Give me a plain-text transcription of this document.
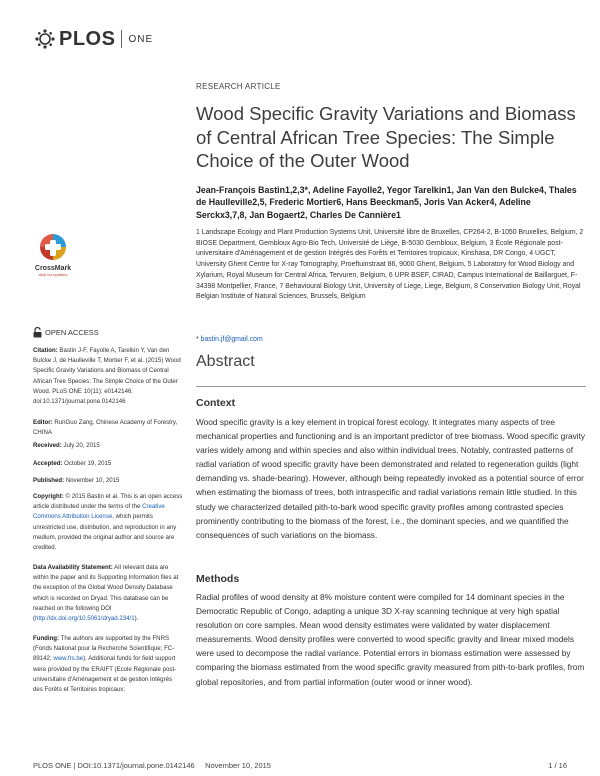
PLOS ONE
RESEARCH ARTICLE
Wood Specific Gravity Variations and Biomass of Central African Tree Species: The Simple Choice of the Outer Wood
Jean-François Bastin1,2,3*, Adeline Fayolle2, Yegor Tarelkin1, Jan Van den Bulcke4, Thales de Haulleville2,5, Frederic Mortier6, Hans Beeckman5, Joris Van Acker4, Adeline Serckx3,7,8, Jan Bogaert2, Charles De Cannière1
1 Landscape Ecology and Plant Production Systems Unit, Université libre de Bruxelles, CP264-2, B-1050 Bruxelles, Belgium, 2 BIOSE Department, Gembloux Agro-Bio Tech, Université de Liège, B-5030 Gembloux, Belgium, 3 École Régionale post-universitaire d'Aménagement et de gestion Intégrés des Forêts et Territoires tropicaux, Kinshasa, DR Congo, 4 UGCT, University Ghent Centre for X-ray Tomography, Proeftuinstraat 86, 9000 Ghent, Belgium, 5 Laboratory for Wood Biology and Xylarium, Royal Museum for Central Africa, Tervuren, Belgium, 6 UPR BSEF, CIRAD, Campus International de Baillarguet, F-34398 Montpellier, France, 7 Behavioural Biology Unit, University of Liege, Liege, Belgium, 8 Conservation Biology Unit, Royal Belgian Institute of Natural Sciences, Brussels, Belgium
* bastin.jf@gmail.com
Abstract
Context
Wood specific gravity is a key element in tropical forest ecology. It integrates many aspects of tree mechanical properties and functioning and is an important predictor of tree biomass. Wood specific gravity varies widely among and within species and also within individual trees. Notably, contrasted patterns of radial variation of wood specific gravity have been demonstrated and related to regeneration guilds (light demanding vs. shade-bearing). However, although being repeatedly invoked as a potential source of error when estimating the biomass of trees, both intraspecific and radial variations remain little studied. In this study we characterized detailed pith-to-bark wood specific gravity profiles among contrasted species prominently contributing to the biomass of the forest, i.e., the dominant species, and we quantified the consequences of such variations on the biomass.
Methods
Radial profiles of wood density at 8% moisture content were compiled for 14 dominant species in the Democratic Republic of Congo, adapting a unique 3D X-ray scanning technique at very high spatial resolution on core samples. Mean wood density estimates were validated by water displacement measurements. Wood density profiles were converted to wood specific gravity and linear mixed models were used to decompose the radial variance. Potential errors in biomass estimation were assessed by comparing the biomass estimated from the wood specific gravity measured from pith-to-bark profiles, from global repositories, and from partial information (outer wood or inner wood).
CrossMark
click for updates
OPEN ACCESS
Citation: Bastin J-F, Fayolle A, Tarelkin Y, Van den Bulcke J, de Haulleville T, Mortier F, et al. (2015) Wood Specific Gravity Variations and Biomass of Central African Tree Species: The Simple Choice of the Outer Wood. PLoS ONE 10(11): e0142146. doi:10.1371/journal.pone.0142146
Editor: RunGuo Zang, Chinese Academy of Forestry, CHINA
Received: July 20, 2015
Accepted: October 19, 2015
Published: November 10, 2015
Copyright: © 2015 Bastin et al. This is an open access article distributed under the terms of the Creative Commons Attribution License, which permits unrestricted use, distribution, and reproduction in any medium, provided the original author and source are credited.
Data Availability Statement: All relevant data are within the paper and its Supporting Information files at the exception of the Global Wood Density Database which is recorded on Dryad. This database can be reached on the following DOI (http://dx.doi.org/10.5061/dryad.234/1).
Funding: The authors are supported by the FNRS (Fonds National pour la Recherche Scientifique; FC-89142; www.frs.be). Additional funds for field support were provided by the ERAIFT (Ecole Régionale post-universitaire d'Aménagement et de gestion Intégrés des Forêts et Territoires tropicaux;
PLOS ONE | DOI:10.1371/journal.pone.0142146 November 10, 2015	1 / 16
